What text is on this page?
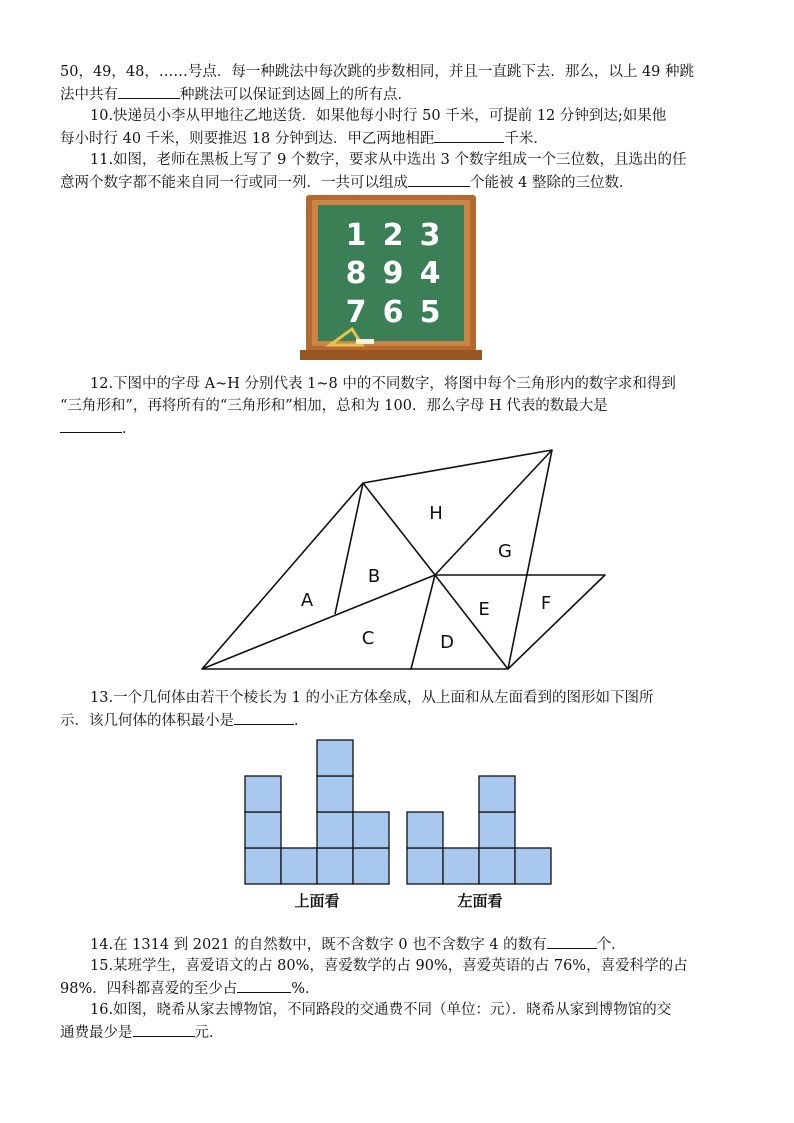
50，49，48，……号点．每一种跳法中每次跳的步数相同，并且一直跳下去．那么，以上 49 种跳
法中共有	种跳法可以保证到达圆上的所有点．
10.快递员小李从甲地往乙地送货．如果他每小时行 50 千米，可提前 12 分钟到达;如果他
每小时行 40 千米，则要推迟 18 分钟到达．甲乙两地相距	千米．
11.如图，老师在黑板上写了 9 个数字，要求从中选出 3 个数字组成一个三位数，且选出的任
意两个数字都不能来自同一行或同一列．一共可以组成	个能被 4 整除的三位数．
1 2 3
8 9 4
7 6 5
12.下图中的字母 A~H 分别代表 1~8 中的不同数字，将图中每个三角形内的数字求和得到
“三角形和”，再将所有的“三角形和”相加，总和为 100．那么字母 H 代表的数最大是
．
A
B
C	D
E	F
G
H
13.一个几何体由若干个棱长为 1 的小正方体垒成，从上面和从左面看到的图形如下图所
示．该几何体的体积最小是	．
上面看	左面看
14.在 1314 到 2021 的自然数中，既不含数字 0 也不含数字 4 的数有	个．
15.某班学生，喜爱语文的占 80%，喜爱数学的占 90%，喜爱英语的占 76%，喜爱科学的占
98%．四科都喜爱的至少占	%．
16.如图，晓希从家去博物馆，不同路段的交通费不同（单位：元）．晓希从家到博物馆的交
通费最少是	元．
